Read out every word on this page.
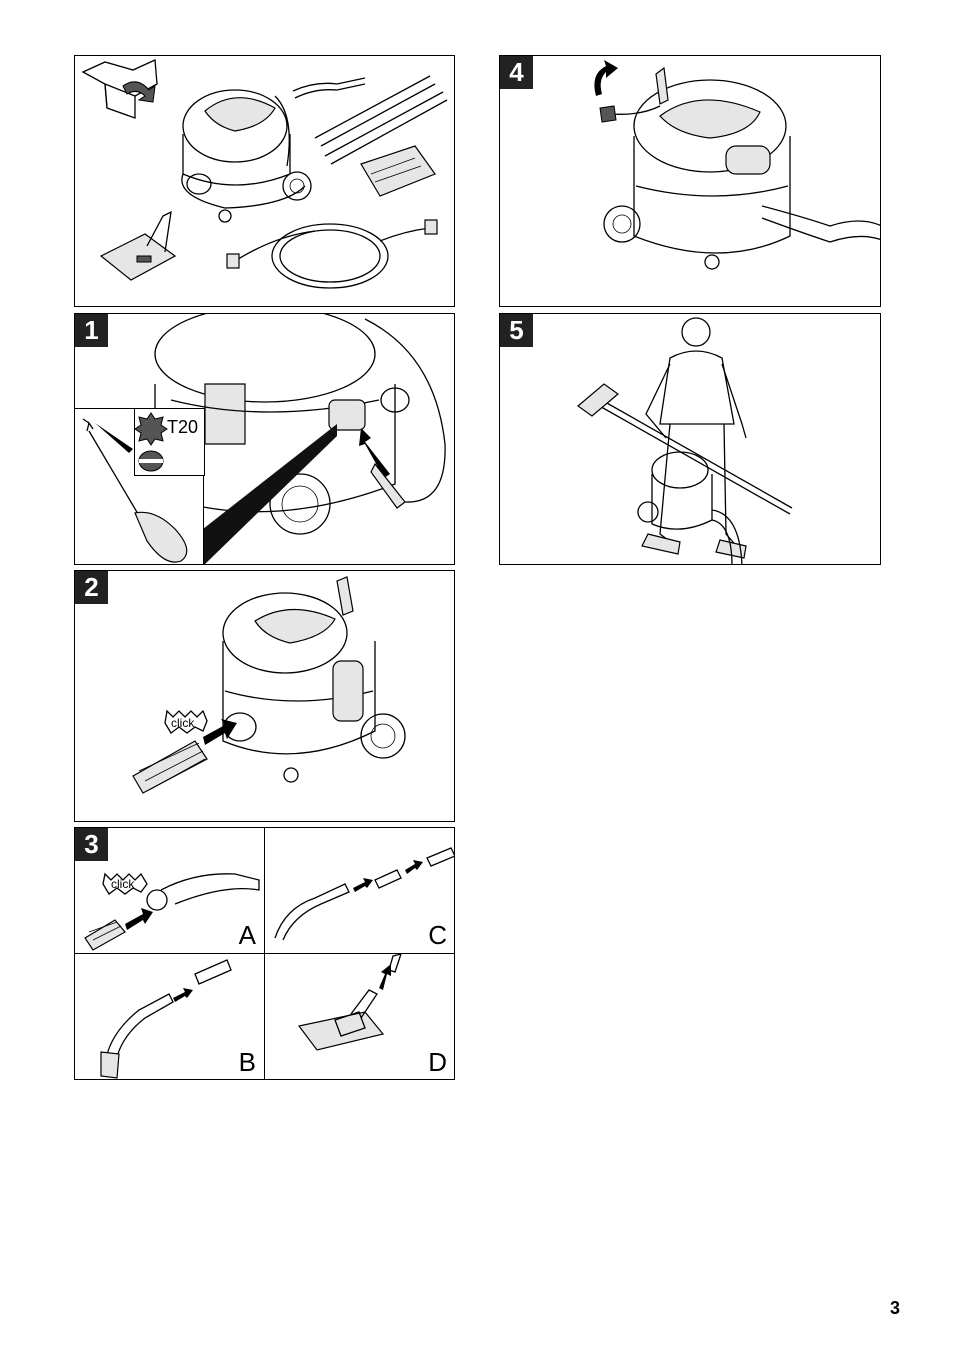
1
T20
2
click
3
click
A	C
B	D
4
5
3
